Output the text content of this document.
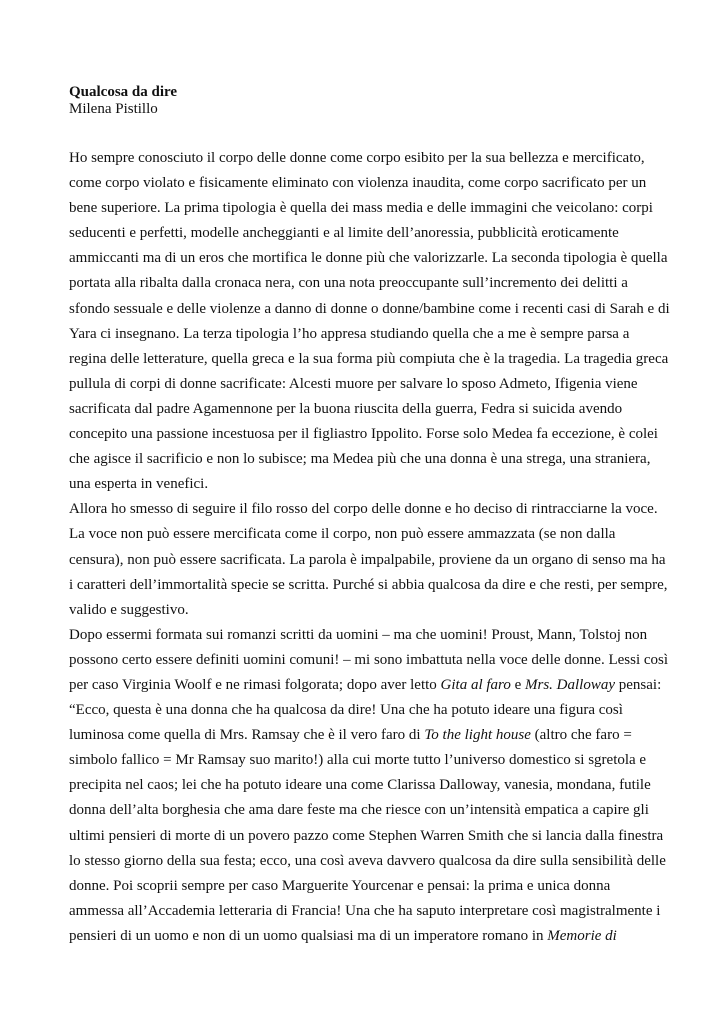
Qualcosa da dire

Milena Pistillo

Ho sempre conosciuto il corpo delle donne come corpo esibito per la sua bellezza e mercificato,
come corpo violato e fisicamente eliminato con violenza inaudita, come corpo sacrificato per un
bene superiore. La prima tipologia è quella dei mass media e delle immagini che veicolano: corpi
seducenti e perfetti, modelle ancheggianti e al limite dell’anoressia, pubblicità eroticamente
ammiccanti ma di un eros che mortifica le donne più che valorizzarle. La seconda tipologia è quella
portata alla ribalta dalla cronaca nera, con una nota preoccupante sull’incremento dei delitti a
sfondo sessuale e delle violenze a danno di donne o donne/bambine come i recenti casi di Sarah e di
Yara ci insegnano. La terza tipologia l’ho appresa studiando quella che a me è sempre parsa a
regina delle letterature, quella greca e la sua forma più compiuta che è la tragedia. La tragedia greca
pullula di corpi di donne sacrificate: Alcesti muore per salvare lo sposo Admeto, Ifigenia viene
sacrificata dal padre Agamennone per la buona riuscita della guerra, Fedra si suicida avendo
concepito una passione incestuosa per il figliastro Ippolito. Forse solo Medea fa eccezione, è colei
che agisce il sacrificio e non lo subisce; ma Medea più che una donna è una strega, una straniera,
una esperta in venefici.
Allora ho smesso di seguire il filo rosso del corpo delle donne e ho deciso di rintracciarne la voce.
La voce non può essere mercificata come il corpo, non può essere ammazzata (se non dalla
censura), non può essere sacrificata. La parola è impalpabile, proviene da un organo di senso ma ha
i caratteri dell’immortalità specie se scritta. Purché si abbia qualcosa da dire e che resti, per sempre,
valido e suggestivo.
Dopo essermi formata sui romanzi scritti da uomini – ma che uomini! Proust, Mann, Tolstoj non
possono certo essere definiti uomini comuni! – mi sono imbattuta nella voce delle donne. Lessi così
per caso Virginia Woolf e ne rimasi folgorata; dopo aver letto Gita al faro e Mrs. Dalloway pensai:
“Ecco, questa è una donna che ha qualcosa da dire! Una che ha potuto ideare una figura così
luminosa come quella di Mrs. Ramsay che è il vero faro di To the light house (altro che faro =
simbolo fallico = Mr Ramsay suo marito!) alla cui morte tutto l’universo domestico si sgretola e
precipita nel caos; lei che ha potuto ideare una come Clarissa Dalloway, vanesia, mondana, futile
donna dell’alta borghesia che ama dare feste ma che riesce con un’intensità empatica a capire gli
ultimi pensieri di morte di un povero pazzo come Stephen Warren Smith che si lancia dalla finestra
lo stesso giorno della sua festa; ecco, una così aveva davvero qualcosa da dire sulla sensibilità delle
donne. Poi scoprii sempre per caso Marguerite Yourcenar e pensai: la prima e unica donna
ammessa all’Accademia letteraria di Francia! Una che ha saputo interpretare così magistralmente i
pensieri di un uomo e non di un uomo qualsiasi ma di un imperatore romano in Memorie di
